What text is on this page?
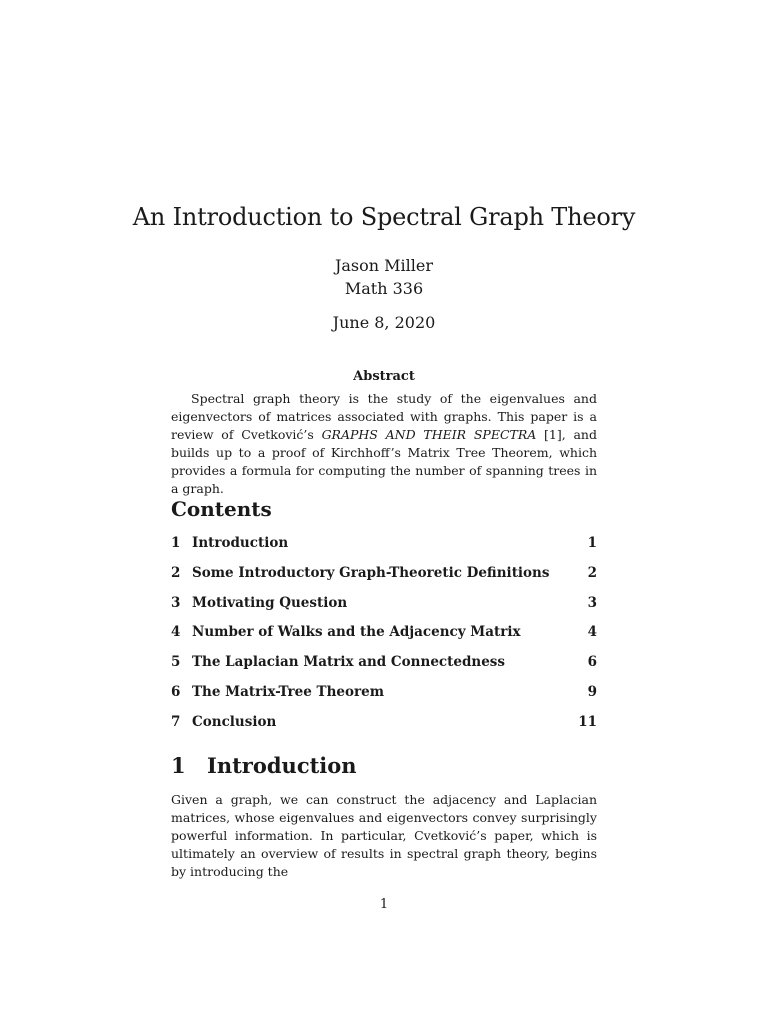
An Introduction to Spectral Graph Theory
Jason Miller
Math 336
June 8, 2020
Abstract

Spectral graph theory is the study of the eigenvalues and eigenvectors of matrices associated with graphs. This paper is a review of Cvetković’s GRAPHS AND THEIR SPECTRA [1], and builds up to a proof of Kirchhoff’s Matrix Tree Theorem, which provides a formula for computing the number of spanning trees in a graph.

Contents
1 Introduction	1
2 Some Introductory Graph-Theoretic Definitions	2
3 Motivating Question	3
4 Number of Walks and the Adjacency Matrix	4
5 The Laplacian Matrix and Connectedness	6
6 The Matrix-Tree Theorem	9
7 Conclusion	11
1 Introduction

Given a graph, we can construct the adjacency and Laplacian matrices, whose eigenvalues and eigenvectors convey surprisingly powerful information. In particular, Cvetković’s paper, which is ultimately an overview of results in spectral graph theory, begins by introducing the

1
